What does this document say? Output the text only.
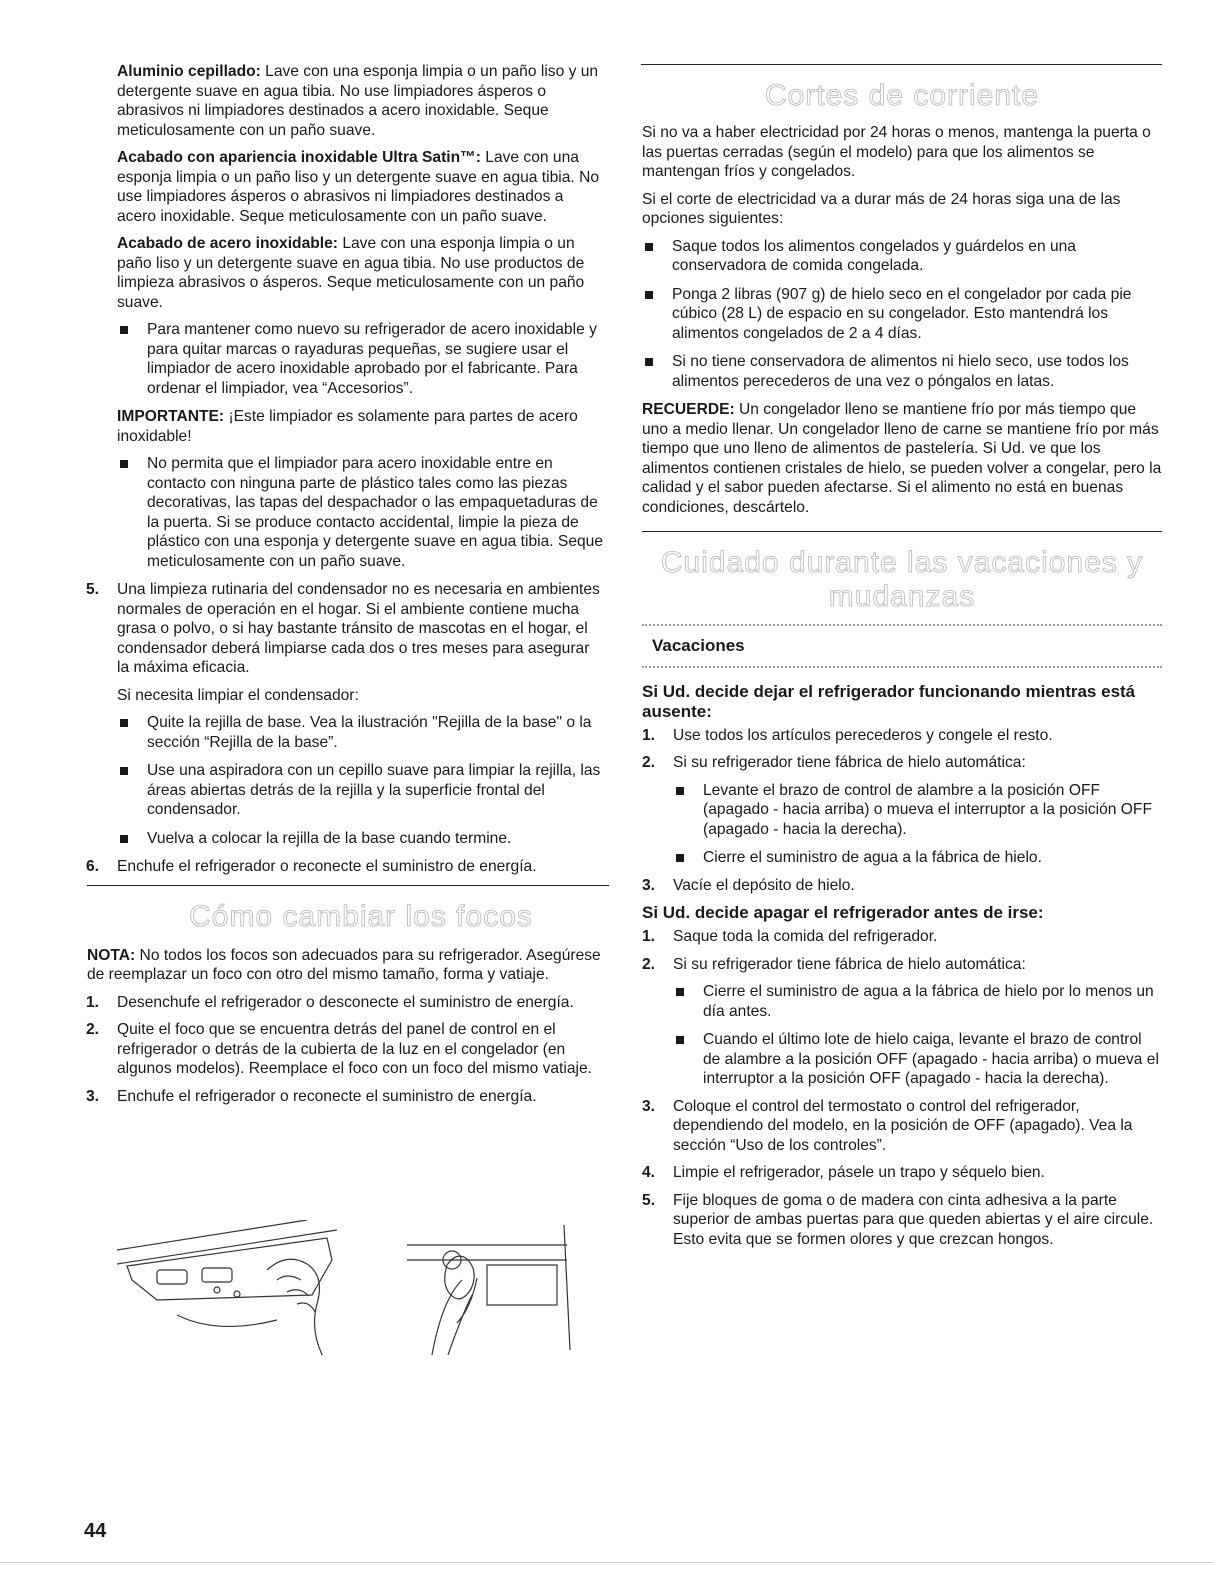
Aluminio cepillado: Lave con una esponja limpia o un paño liso y un detergente suave en agua tibia. No use limpiadores ásperos o abrasivos ni limpiadores destinados a acero inoxidable. Seque meticulosamente con un paño suave.

Acabado con apariencia inoxidable Ultra Satin™: Lave con una esponja limpia o un paño liso y un detergente suave en agua tibia. No use limpiadores ásperos o abrasivos ni limpiadores destinados a acero inoxidable. Seque meticulosamente con un paño suave.

Acabado de acero inoxidable: Lave con una esponja limpia o un paño liso y un detergente suave en agua tibia. No use productos de limpieza abrasivos o ásperos. Seque meticulosamente con un paño suave.

Para mantener como nuevo su refrigerador de acero inoxidable y para quitar marcas o rayaduras pequeñas, se sugiere usar el limpiador de acero inoxidable aprobado por el fabricante. Para ordenar el limpiador, vea “Accesorios”.

IMPORTANTE: ¡Este limpiador es solamente para partes de acero inoxidable!

No permita que el limpiador para acero inoxidable entre en contacto con ninguna parte de plástico tales como las piezas decorativas, las tapas del despachador o las empaquetaduras de la puerta. Si se produce contacto accidental, limpie la pieza de plástico con una esponja y detergente suave en agua tibia. Seque meticulosamente con un paño suave.
5. Una limpieza rutinaria del condensador no es necesaria en ambientes normales de operación en el hogar. Si el ambiente contiene mucha grasa o polvo, o si hay bastante tránsito de mascotas en el hogar, el condensador deberá limpiarse cada dos o tres meses para asegurar la máxima eficacia.

Si necesita limpiar el condensador:

Quite la rejilla de base. Vea la ilustración "Rejilla de la base" o la sección “Rejilla de la base”.
Use una aspiradora con un cepillo suave para limpiar la rejilla, las áreas abiertas detrás de la rejilla y la superficie frontal del condensador.
Vuelva a colocar la rejilla de la base cuando termine.
6. Enchufe el refrigerador o reconecte el suministro de energía.
Cómo cambiar los focos

NOTA: No todos los focos son adecuados para su refrigerador. Asegúrese de reemplazar un foco con otro del mismo tamaño, forma y vatiaje.

1. Desenchufe el refrigerador o desconecte el suministro de energía.
2. Quite el foco que se encuentra detrás del panel de control en el refrigerador o detrás de la cubierta de la luz en el congelador (en algunos modelos). Reemplace el foco con un foco del mismo vatiaje.
3. Enchufe el refrigerador o reconecte el suministro de energía.
Cortes de corriente

Si no va a haber electricidad por 24 horas o menos, mantenga la puerta o las puertas cerradas (según el modelo) para que los alimentos se mantengan fríos y congelados.

Si el corte de electricidad va a durar más de 24 horas siga una de las opciones siguientes:

Saque todos los alimentos congelados y guárdelos en una conservadora de comida congelada.
Ponga 2 libras (907 g) de hielo seco en el congelador por cada pie cúbico (28 L) de espacio en su congelador. Esto mantendrá los alimentos congelados de 2 a 4 días.
Si no tiene conservadora de alimentos ni hielo seco, use todos los alimentos perecederos de una vez o póngalos en latas.

RECUERDE: Un congelador lleno se mantiene frío por más tiempo que uno a medio llenar. Un congelador lleno de carne se mantiene frío por más tiempo que uno lleno de alimentos de pastelería. Si Ud. ve que los alimentos contienen cristales de hielo, se pueden volver a congelar, pero la calidad y el sabor pueden afectarse. Si el alimento no está en buenas condiciones, descártelo.

Cuidado durante las vacaciones y
mudanzas
Vacaciones
Si Ud. decide dejar el refrigerador funcionando mientras está ausente:
1. Use todos los artículos perecederos y congele el resto.
2. Si su refrigerador tiene fábrica de hielo automática:
Levante el brazo de control de alambre a la posición OFF (apagado - hacia arriba) o mueva el interruptor a la posición OFF (apagado - hacia la derecha).
Cierre el suministro de agua a la fábrica de hielo.
3. Vacíe el depósito de hielo.
Si Ud. decide apagar el refrigerador antes de irse:
1. Saque toda la comida del refrigerador.
2. Si su refrigerador tiene fábrica de hielo automática:
Cierre el suministro de agua a la fábrica de hielo por lo menos un día antes.
Cuando el último lote de hielo caiga, levante el brazo de control de alambre a la posición OFF (apagado - hacia arriba) o mueva el interruptor a la posición OFF (apagado - hacia la derecha).
3. Coloque el control del termostato o control del refrigerador, dependiendo del modelo, en la posición de OFF (apagado). Vea la sección “Uso de los controles”.
4. Limpie el refrigerador, pásele un trapo y séquelo bien.
5. Fije bloques de goma o de madera con cinta adhesiva a la parte superior de ambas puertas para que queden abiertas y el aire circule. Esto evita que se formen olores y que crezcan hongos.
44
